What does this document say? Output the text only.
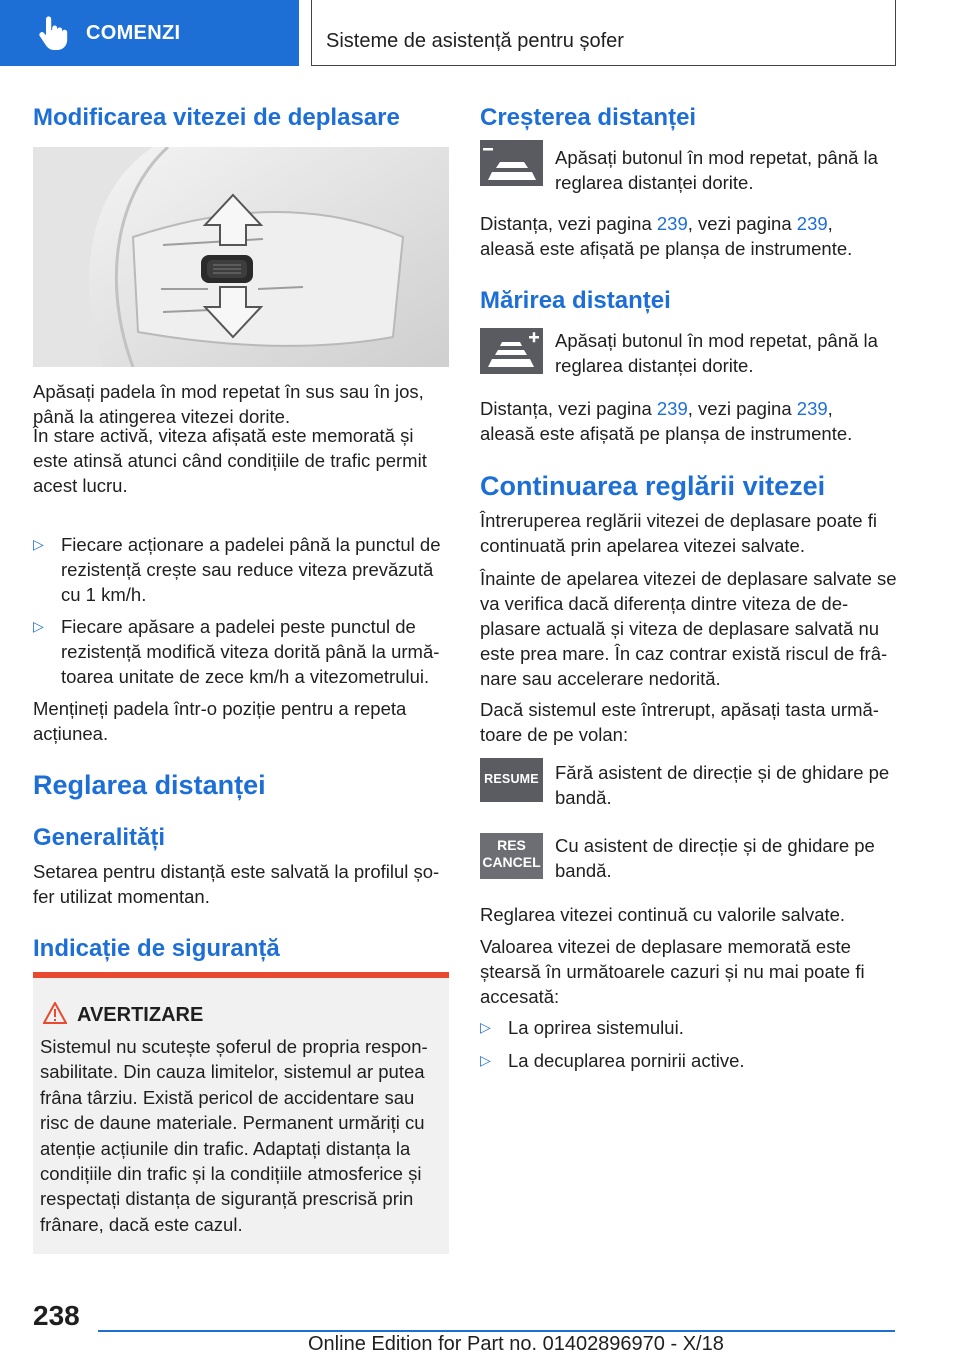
COMENZI	Sisteme de asistență pentru șofer
Modificarea vitezei de deplasare

Apăsați padela în mod repetat în sus sau în jos, până la atingerea vitezei dorite.

În stare activă, viteza afișată este memorată și este atinsă atunci când condițiile de trafic permit acest lucru.

▷ Fiecare acționare a padelei până la punctul de rezistență crește sau reduce viteza prevăzută cu 1 km/h.
▷ Fiecare apăsare a padelei peste punctul de rezistență modifică viteza dorită până la următoarea unitate de zece km/h a vitezometrului.

Mențineți padela într-o poziție pentru a repeta acțiunea.

Reglarea distanței
Generalități

Setarea pentru distanță este salvată la profilul șofer utilizat momentan.

Indicație de siguranță
AVERTIZARE

Sistemul nu scutește șoferul de propria responsabilitate. Din cauza limitelor, sistemul ar putea frâna târziu. Există pericol de accidentare sau risc de daune materiale. Permanent urmăriți cu atenție acțiunile din trafic. Adaptați distanța la condițiile din trafic și la condițiile atmosferice și respectați distanța de siguranță prescrisă prin frânare, dacă este cazul.

Creșterea distanței

Apăsați butonul în mod repetat, până la reglarea distanței dorite.

Distanța, vezi pagina 239, vezi pagina 239,
aleasă este afișată pe planșa de instrumente.

Mărirea distanței

Apăsați butonul în mod repetat, până la reglarea distanței dorite.

Distanța, vezi pagina 239, vezi pagina 239,
aleasă este afișată pe planșa de instrumente.

Continuarea reglării vitezei

Întreruperea reglării vitezei de deplasare poate fi continuată prin apelarea vitezei salvate.

Înainte de apelarea vitezei de deplasare salvate se va verifica dacă diferența dintre viteza de deplasare actuală și viteza de deplasare salvată nu este prea mare. În caz contrar există riscul de frânare sau accelerare nedorită.

Dacă sistemul este întrerupt, apăsați tasta următoare de pe volan:

RESUME Fără asistent de direcție și de ghidare pe bandă.

RES
CANCEL

Cu asistent de direcție și de ghidare pe bandă.

Reglarea vitezei continuă cu valorile salvate.

Valoarea vitezei de deplasare memorată este ștearsă în următoarele cazuri și nu mai poate fi accesată:

▷ La oprirea sistemului.
▷ La decuplarea pornirii active.
238
Online Edition for Part no. 01402896970 - X/18
